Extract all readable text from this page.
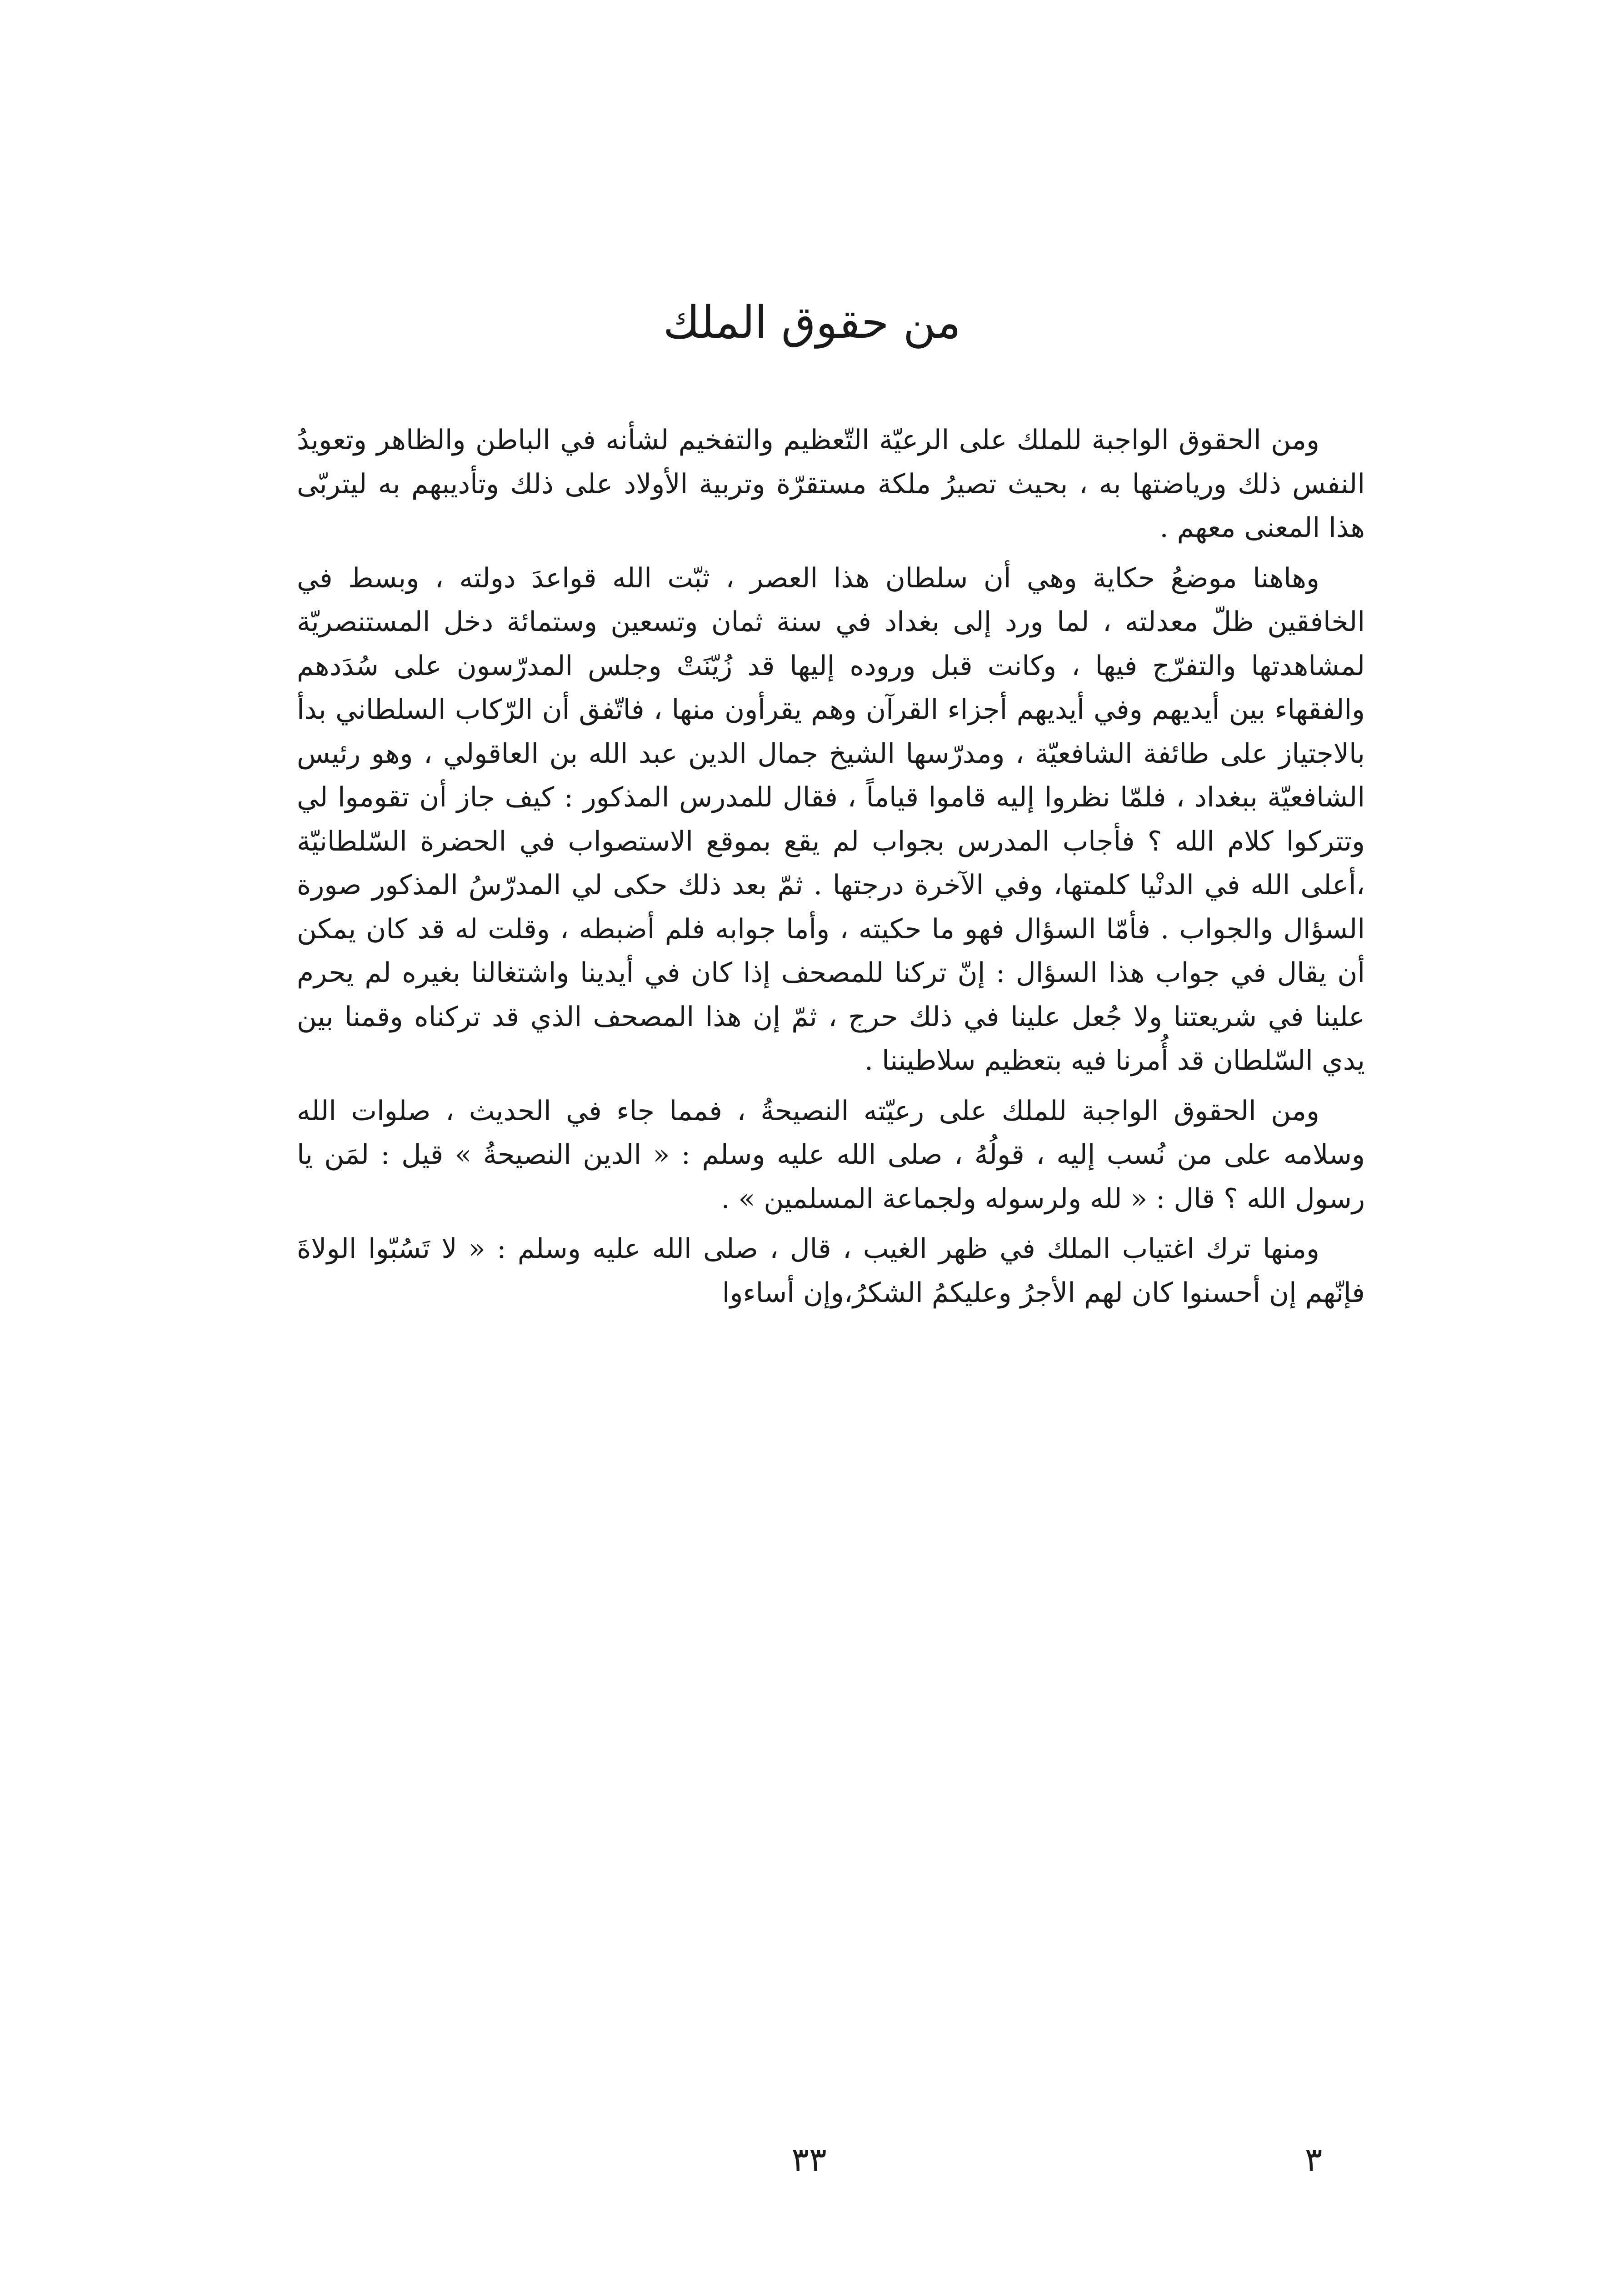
من حقوق الملك

ومن الحقوق الواجبة للملك على الرعيّة التّعظيم والتفخيم لشأنه في الباطن والظاهر وتعويدُ النفس ذلك ورياضتها به ، بحيث تصيرُ ملكة مستقرّة وتربية الأولاد على ذلك وتأديبهم به ليتربّى هذا المعنى معهم .

وهاهنا موضعُ حكاية وهي أن سلطان هذا العصر ، ثبّت الله قواعدَ دولته ، وبسط في الخافقين ظلّ معدلته ، لما ورد إلى بغداد في سنة ثمان وتسعين وستمائة دخل المستنصريّة لمشاهدتها والتفرّج فيها ، وكانت قبل وروده إليها قد زُيّنَتْ وجلس المدرّسون على سُدَدهم والفقهاء بين أيديهم وفي أيديهم أجزاء القرآن وهم يقرأون منها ، فاتّفق أن الرّكاب السلطاني بدأ بالاجتياز على طائفة الشافعيّة ، ومدرّسها الشيخ جمال الدين عبد الله بن العاقولي ، وهو رئيس الشافعيّة ببغداد ، فلمّا نظروا إليه قاموا قياماً ، فقال للمدرس المذكور : كيف جاز أن تقوموا لي وتتركوا كلام الله ؟ فأجاب المدرس بجواب لم يقع بموقع الاستصواب في الحضرة السّلطانيّة ،أعلى الله في الدنْيا كلمتها، وفي الآخرة درجتها . ثمّ بعد ذلك حكى لي المدرّسُ المذكور صورة السؤال والجواب . فأمّا السؤال فهو ما حكيته ، وأما جوابه فلم أضبطه ، وقلت له قد كان يمكن أن يقال في جواب هذا السؤال : إنّ تركنا للمصحف إذا كان في أيدينا واشتغالنا بغيره لم يحرم علينا في شريعتنا ولا جُعل علينا في ذلك حرج ، ثمّ إن هذا المصحف الذي قد تركناه وقمنا بين يدي السّلطان قد أُمرنا فيه بتعظيم سلاطيننا .

ومن الحقوق الواجبة للملك على رعيّته النصيحةُ ، فمما جاء في الحديث ، صلوات الله وسلامه على من نُسب إليه ، قولُهُ ، صلى الله عليه وسلم : « الدين النصيحةُ » قيل : لمَن يا رسول الله ؟ قال : « لله ولرسوله ولجماعة المسلمين » .

ومنها ترك اغتياب الملك في ظهر الغيب ، قال ، صلى الله عليه وسلم : « لا تَسُبّوا الولاةَ فإنّهم إن أحسنوا كان لهم الأجرُ وعليكمُ الشكرُ،وإن أساءوا

٣٣	٣
